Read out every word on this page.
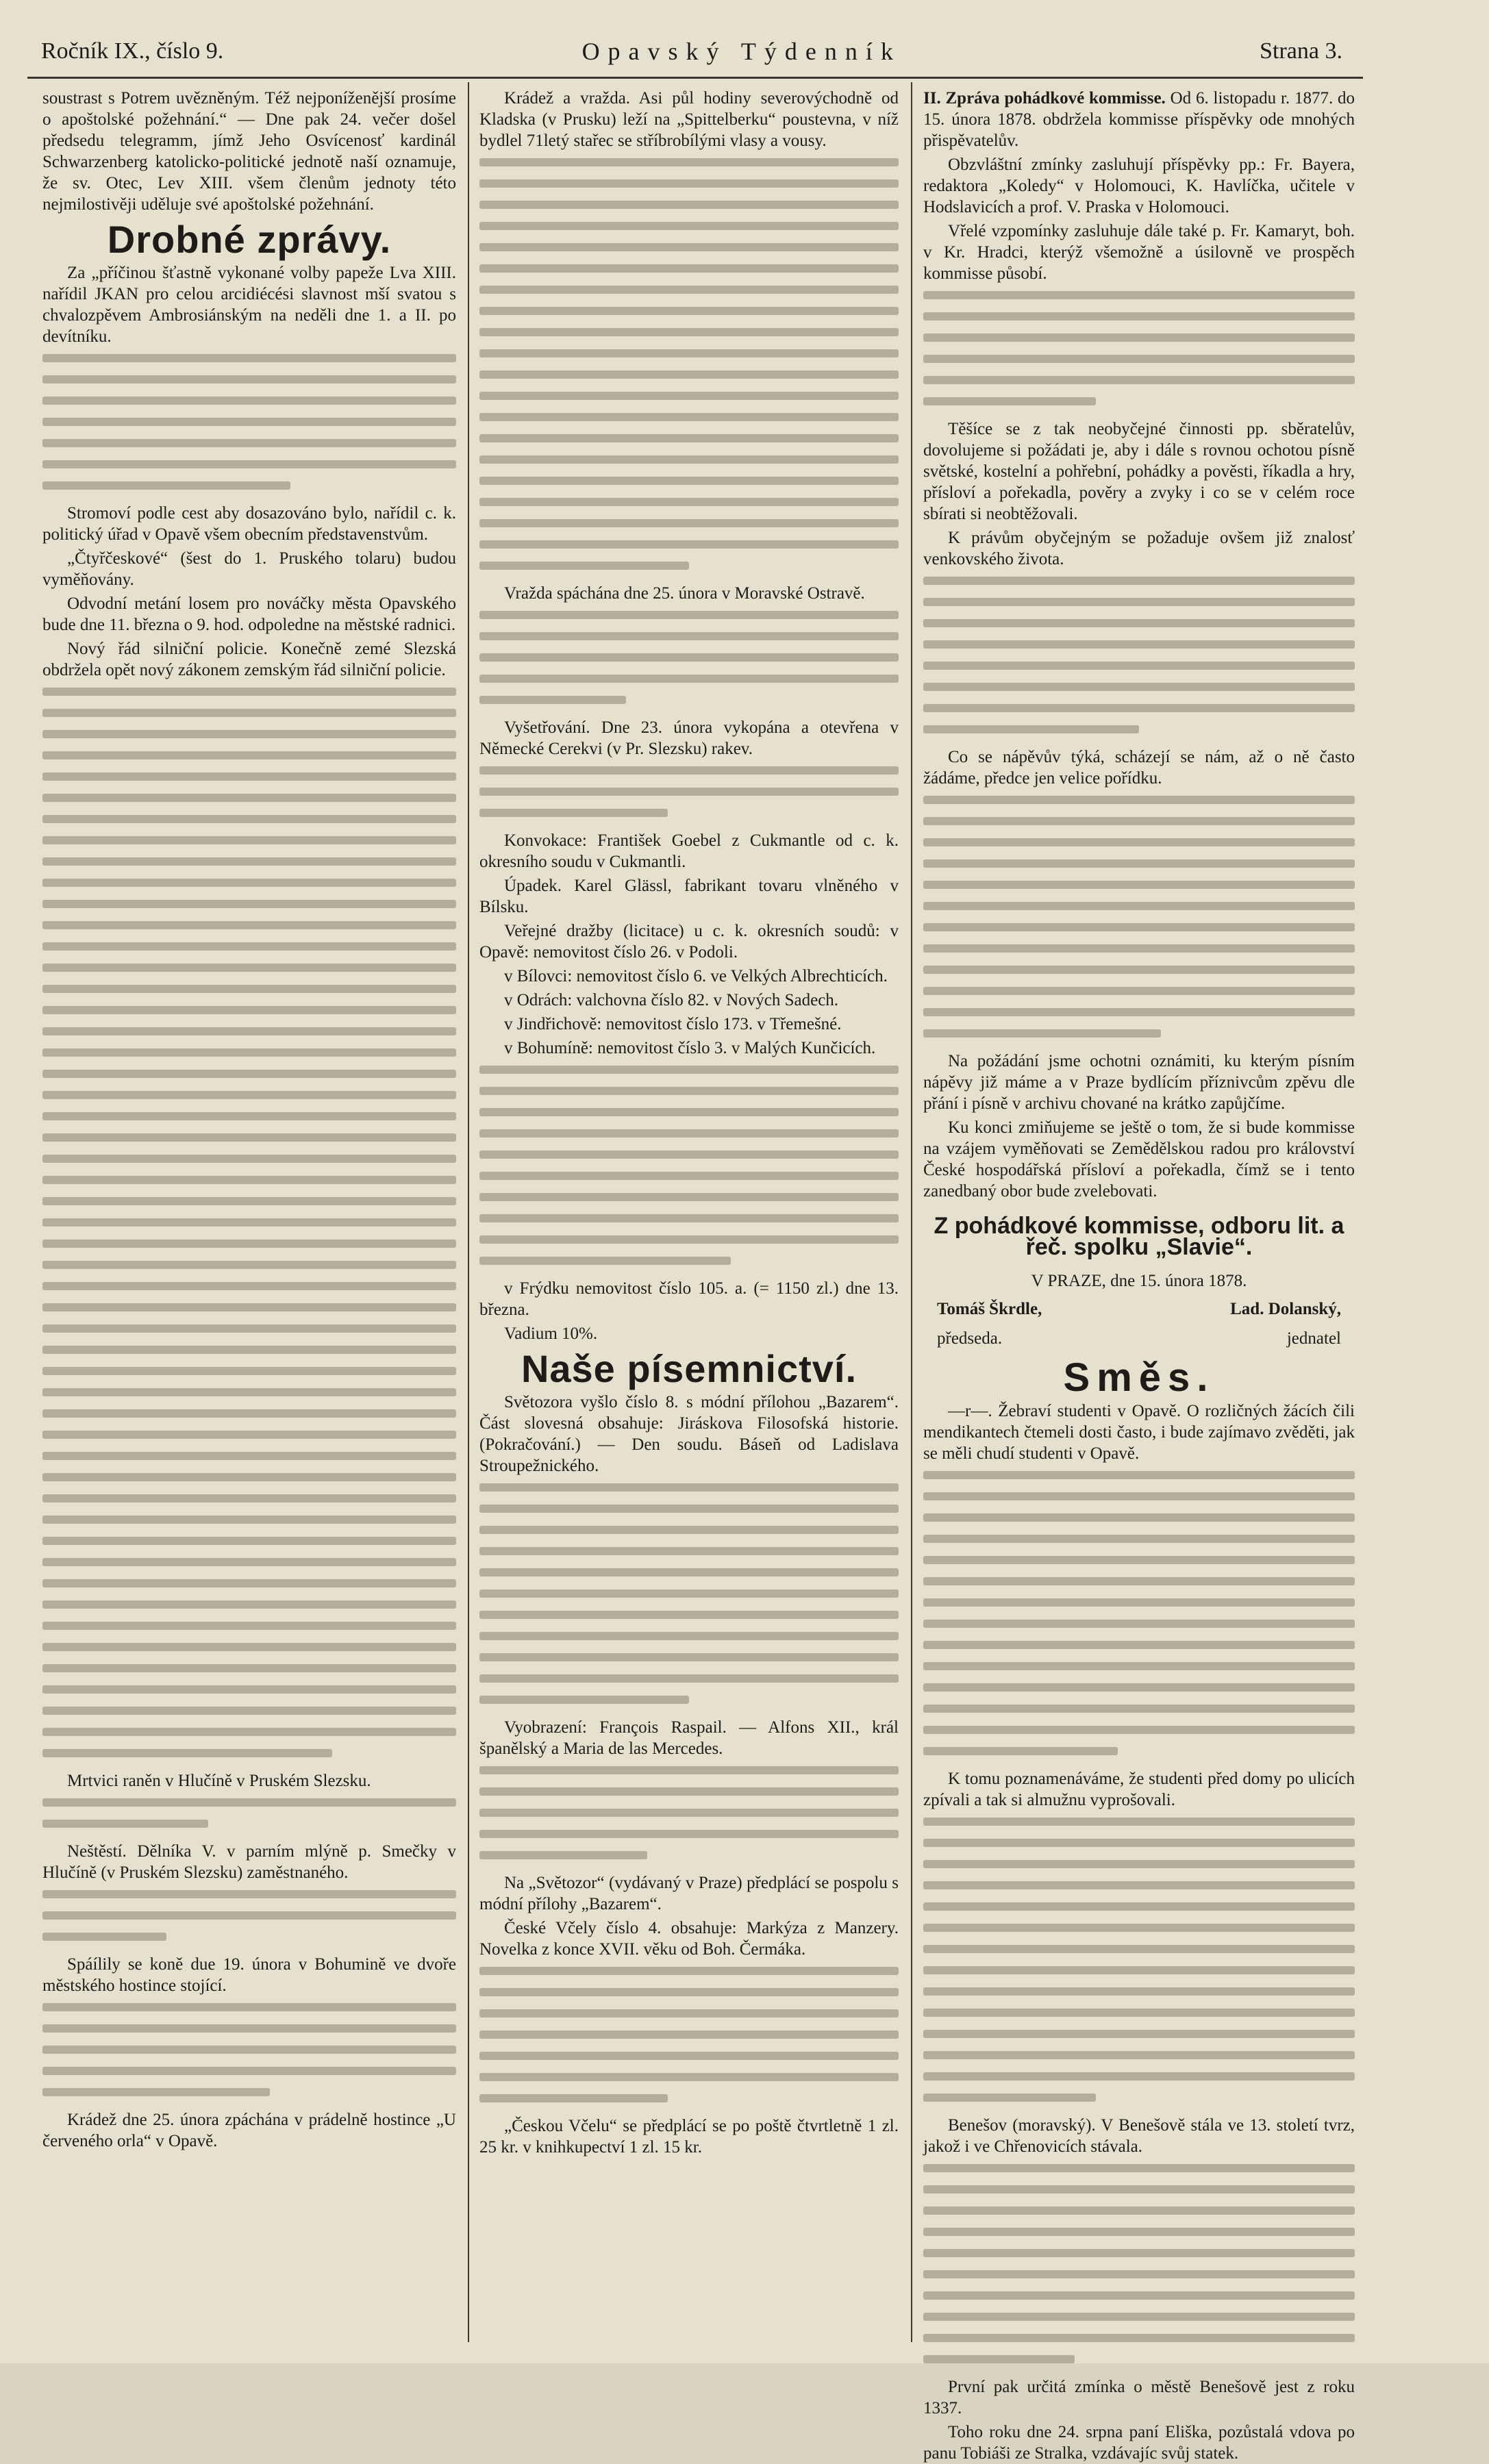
Ročník IX., číslo 9.	Opavský Týdenník	Strana 3.

soustrast s Potrem uvězněným. Též nejponíženější prosíme o apoštolské požehnání.“ — Dne pak 24. večer došel předsedu telegramm, jímž Jeho Osvícenosť kardinál Schwarzenberg katolicko-politické jednotě naší oznamuje, že sv. Otec, Lev XIII. všem členům jednoty této nejmilostivěji uděluje své apoštolské požehnání.

Drobné zprávy.

Za „příčinou šťastně vykonané volby papeže Lva XIII. nařídil JKAN pro celou arcidiécési slavnost mší svatou s chvalozpěvem Ambrosiánským na neděli dne 1. a II. po devítníku.

Stromoví podle cest aby dosazováno bylo, nařídil c. k. politický úřad v Opavě všem obecním představenstvům.

„Čtyřčeskové“ (šest do 1. Pruského tolaru) budou vyměňovány.

Odvodní metání losem pro nováčky města Opavského bude dne 11. března o 9. hod. odpoledne na městské radnici.

Nový řád silniční policie. Konečně zemé Slezská obdržela opět nový zákonem zemským řád silniční policie.

Mrtvici raněn v Hlučíně v Pruském Slezsku.

Neštěstí. Dělníka V. v parním mlýně p. Smečky v Hlučíně (v Pruském Slezsku) zaměstnaného.

Spáílily se koně due 19. února v Bohumině ve dvoře městského hostince stojící.

Krádež dne 25. února zpáchána v prádelně hostince „U červeného orla“ v Opavě.

Krádež a vražda. Asi půl hodiny severovýchodně od Kladska (v Prusku) leží na „Spittelberku“ poustevna, v níž bydlel 71letý stařec se stříbrobílými vlasy a vousy.

Vražda spáchána dne 25. února v Moravské Ostravě.

Vyšetřování. Dne 23. února vykopána a otevřena v Německé Cerekvi (v Pr. Slezsku) rakev.

Konvokace: František Goebel z Cukmantle od c. k. okresního soudu v Cukmantli.

Úpadek. Karel Glässl, fabrikant tovaru vlněného v Bílsku.

Veřejné dražby (licitace) u c. k. okresních soudů: v Opavě: nemovitost číslo 26. v Podoli.

v Bílovci: nemovitost číslo 6. ve Velkých Albrechticích.

v Odrách: valchovna číslo 82. v Nových Sadech.

v Jindřichově: nemovitost číslo 173. v Třemešné.

v Bohumíně: nemovitost číslo 3. v Malých Kunčicích.

v Frýdku nemovitost číslo 105. a. (= 1150 zl.) dne 13. března.

Vadium 10%.

Naše písemnictví.

Světozora vyšlo číslo 8. s módní přílohou „Bazarem“. Část slovesná obsahuje: Jiráskova Filosofská historie. (Pokračování.) — Den soudu. Báseň od Ladislava Stroupežnického.

Vyobrazení: François Raspail. — Alfons XII., král španělský a Maria de las Mercedes.

Na „Světozor“ (vydávaný v Praze) předplácí se pospolu s módní přílohy „Bazarem“.

České Včely číslo 4. obsahuje: Markýza z Manzery. Novelka z konce XVII. věku od Boh. Čermáka.

„Českou Včelu“ se předplácí se po poště čtvrtletně 1 zl. 25 kr. v knihkupectví 1 zl. 15 kr.

II. Zpráva pohádkové kommisse. Od 6. listopadu r. 1877. do 15. února 1878. obdržela kommisse příspěvky ode mnohých přispěvatelův.

Obzvláštní zmínky zasluhují příspěvky pp.: Fr. Bayera, redaktora „Koledy“ v Holomouci, K. Havlíčka, učitele v Hodslavicích a prof. V. Praska v Holomouci.

Vřelé vzpomínky zasluhuje dále také p. Fr. Kamaryt, boh. v Kr. Hradci, kterýž všemožně a úsilovně ve prospěch kommisse působí.

Těšíce se z tak neobyčejné činnosti pp. sběratelův, dovolujeme si požádati je, aby i dále s rovnou ochotou písně světské, kostelní a pohřební, pohádky a pověsti, říkadla a hry, přísloví a pořekadla, pověry a zvyky i co se v celém roce sbírati si neobtěžovali.

K právům obyčejným se požaduje ovšem již znalosť venkovského života.

Co se nápěvův týká, scházejí se nám, až o ně často žádáme, předce jen velice pořídku.

Na požádání jsme ochotni oznámiti, ku kterým písním nápěvy již máme a v Praze bydlícím příznivcům zpěvu dle přání i písně v archivu chované na krátko zapůjčíme.

Ku konci zmiňujeme se ještě o tom, že si bude kommisse na vzájem vyměňovati se Zemědělskou radou pro království České hospodářská přísloví a pořekadla, čímž se i tento zanedbaný obor bude zvelebovati.

Z pohádkové kommisse, odboru lit. a řeč. spolku „Slavie“.

V PRAZE, dne 15. února 1878.

Tomáš Škrdle,	Lad. Dolanský,
předseda.	jednatel
Směs.

—r—. Žebraví studenti v Opavě. O rozličných žácích čili mendikantech čtemeli dosti často, i bude zajímavo zvěděti, jak se měli chudí studenti v Opavě.

K tomu poznamenáváme, že studenti před domy po ulicích zpívali a tak si almužnu vyprošovali.

Benešov (moravský). V Benešově stála ve 13. století tvrz, jakož i ve Chřenovicích stávala.

První pak určitá zmínka o městě Benešově jest z roku 1337.

Toho roku dne 24. srpna paní Eliška, pozůstalá vdova po panu Tobiáši ze Stralka, vzdávajíc svůj statek.
